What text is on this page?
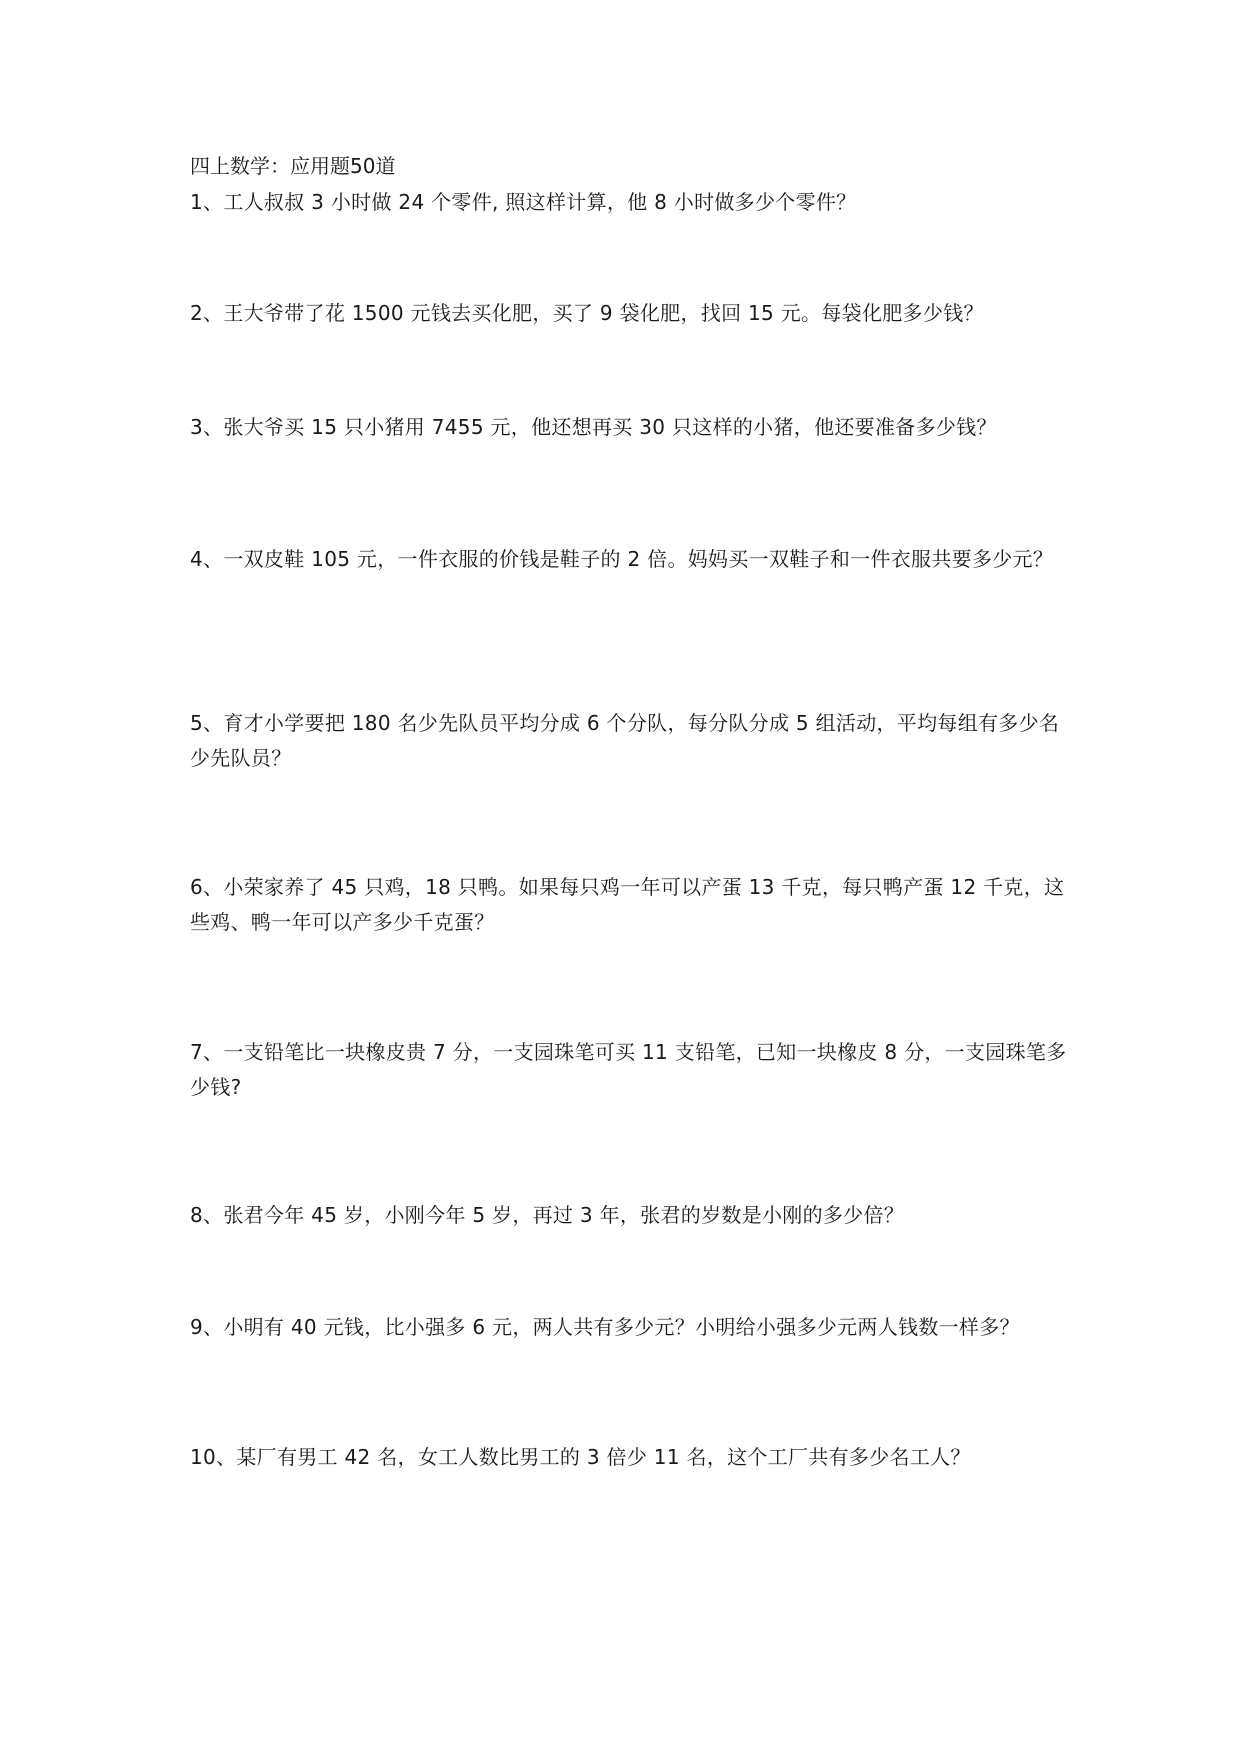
四上数学：应用题50道
1、工人叔叔 3 小时做 24 个零件, 照这样计算，他 8 小时做多少个零件？
2、王大爷带了花 1500 元钱去买化肥，买了 9 袋化肥，找回 15 元。每袋化肥多少钱？
3、张大爷买 15 只小猪用 7455 元，他还想再买 30 只这样的小猪，他还要准备多少钱？
4、一双皮鞋 105 元，一件衣服的价钱是鞋子的 2 倍。妈妈买一双鞋子和一件衣服共要多少元？
5、育才小学要把 180 名少先队员平均分成 6 个分队，每分队分成 5 组活动，平均每组有多少名少先队员？
6、小荣家养了 45 只鸡，18 只鸭。如果每只鸡一年可以产蛋 13 千克，每只鸭产蛋 12 千克，这些鸡、鸭一年可以产多少千克蛋？
7、一支铅笔比一块橡皮贵 7 分，一支园珠笔可买 11 支铅笔，已知一块橡皮 8 分，一支园珠笔多少钱?
8、张君今年 45 岁，小刚今年 5 岁，再过 3 年，张君的岁数是小刚的多少倍？
9、小明有 40 元钱，比小强多 6 元，两人共有多少元？小明给小强多少元两人钱数一样多？
10、某厂有男工 42 名，女工人数比男工的 3 倍少 11 名，这个工厂共有多少名工人？
